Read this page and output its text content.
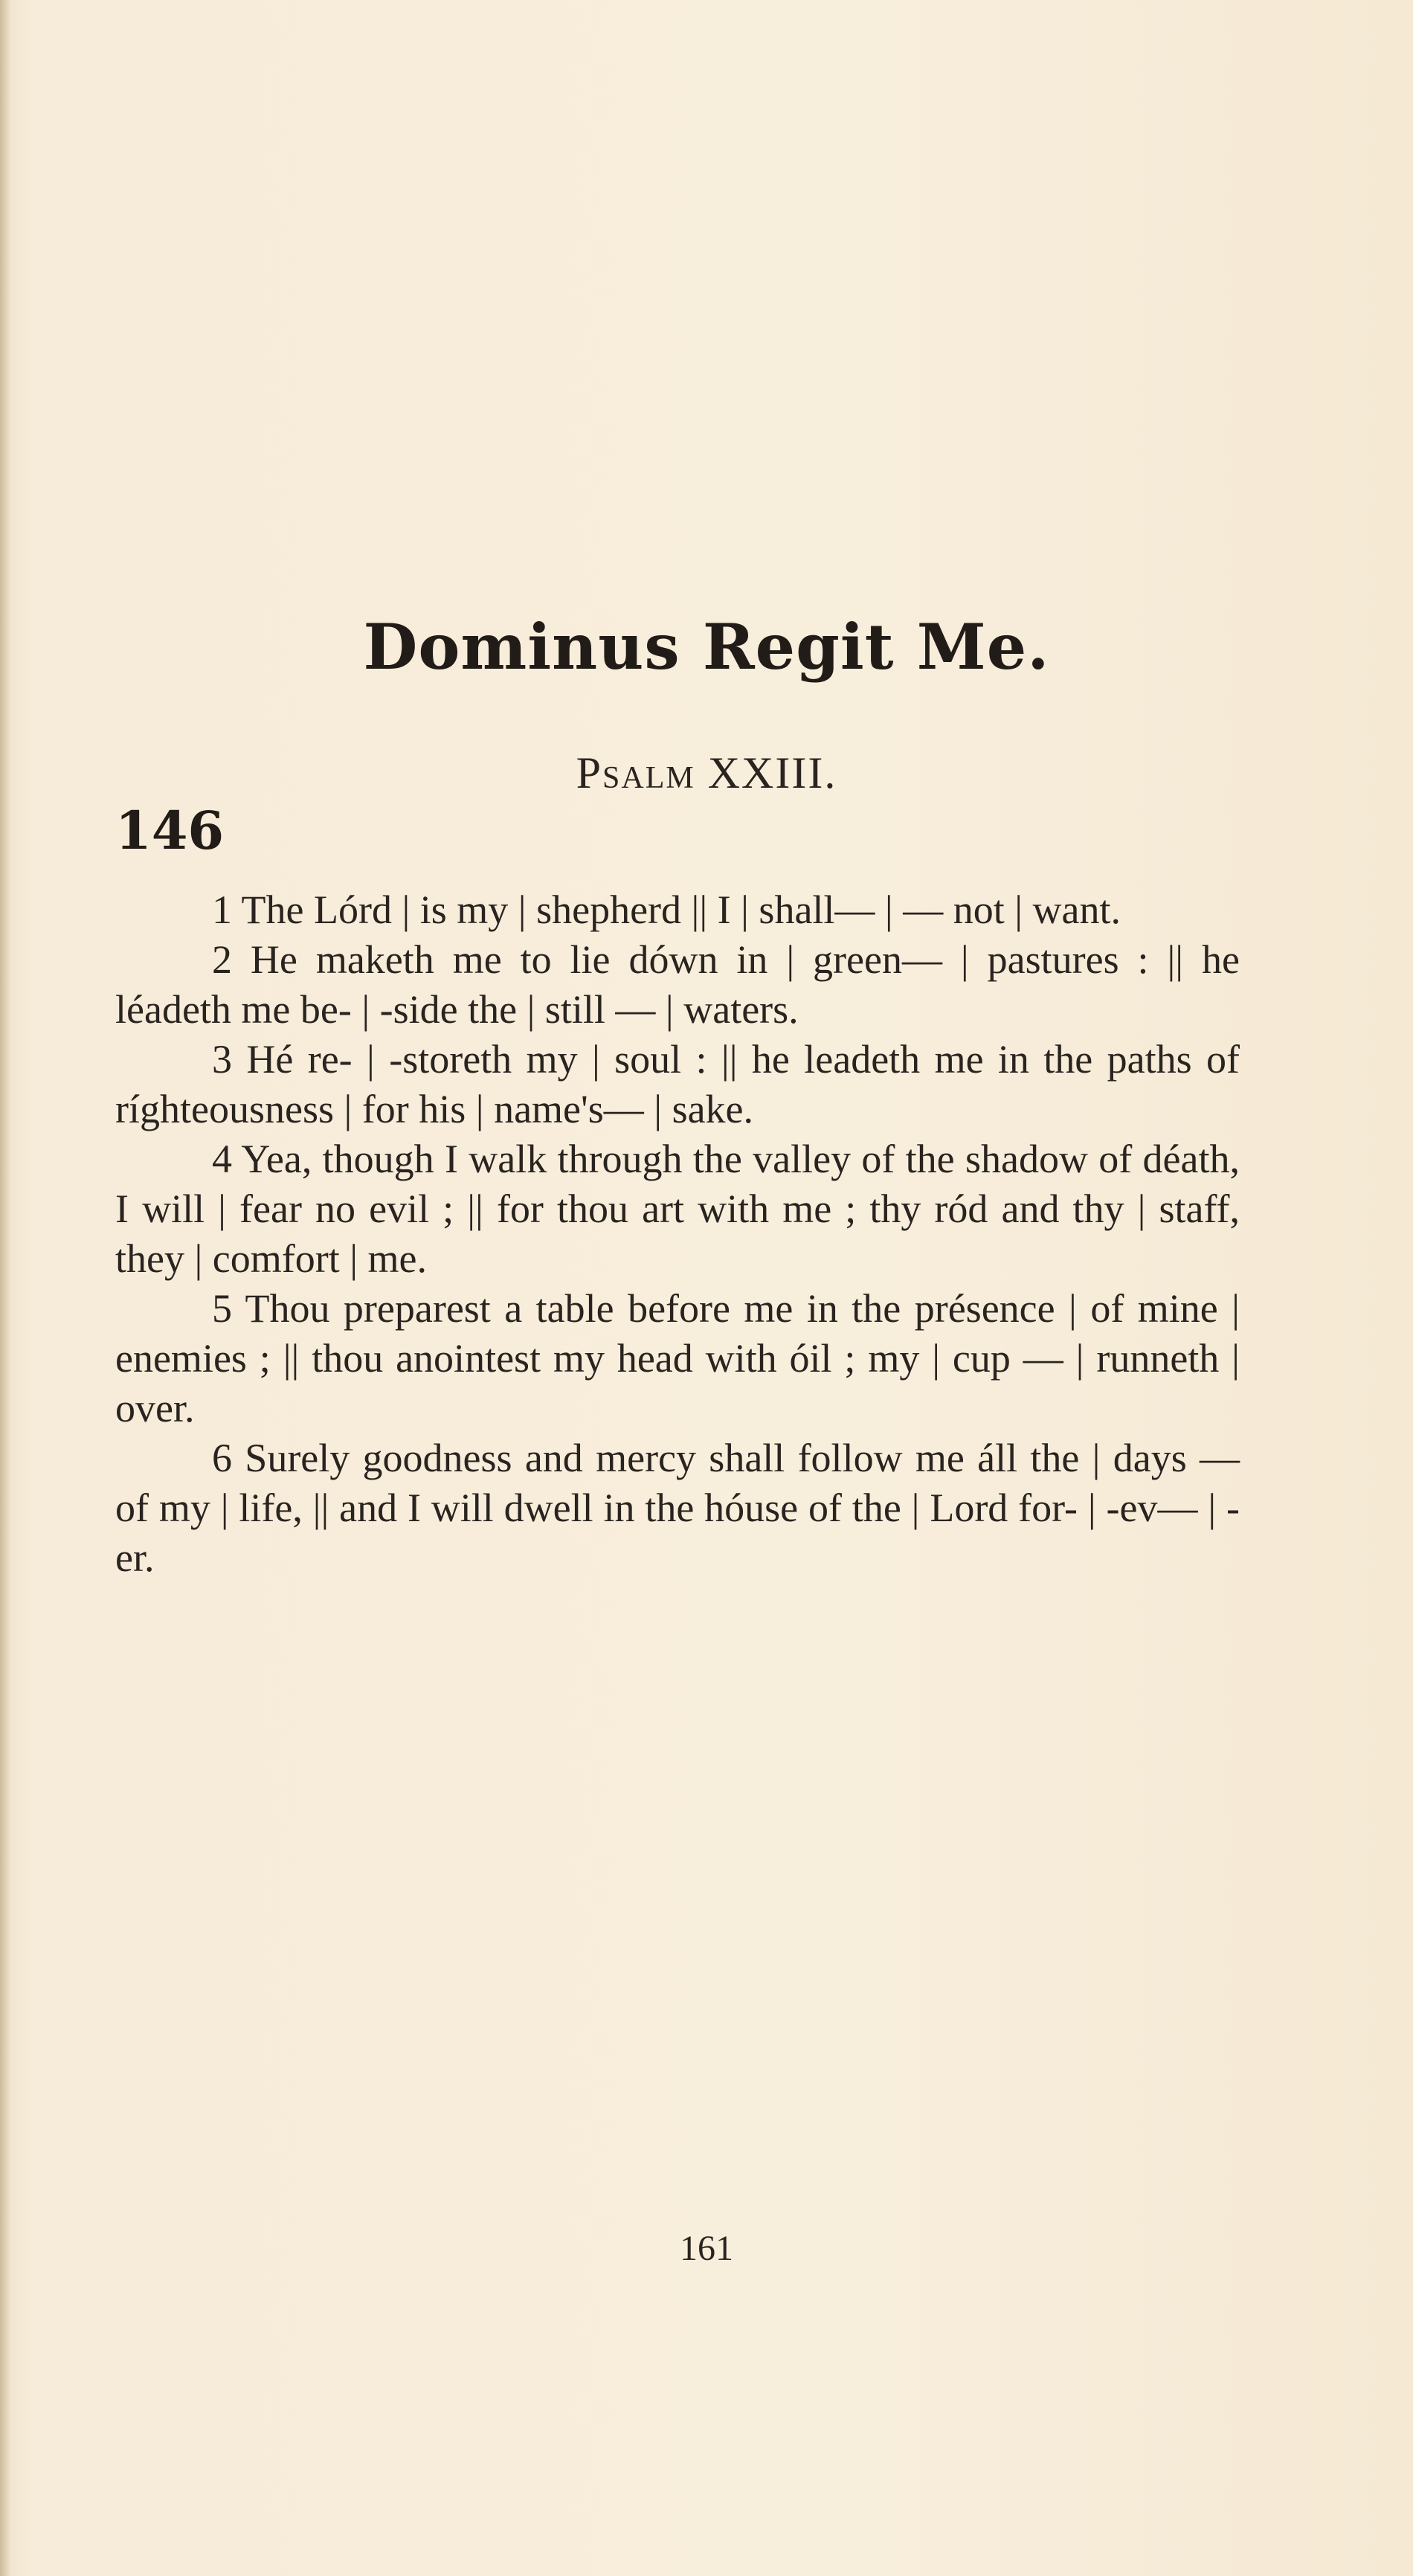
Dominus Regit Me.
Psalm XXIII.
146

1 The Lórd | is my | shepherd || I | shall— | — not | want.

2 He maketh me to lie dówn in | green— | pastures : || he léadeth me be- | -side the | still — | waters.

3 Hé re- | -storeth my | soul : || he leadeth me in the paths of ríghteousness | for his | name's— | sake.

4 Yea, though I walk through the valley of the shadow of déath, I will | fear no evil ; || for thou art with me ; thy ród and thy | staff, they | comfort | me.

5 Thou preparest a table before me in the présence | of mine | enemies ; || thou anointest my head with óil ; my | cup — | runneth | over.

6 Surely goodness and mercy shall follow me áll the | days — of my | life, || and I will dwell in the hóuse of the | Lord for- | -ev— | -er.

161
